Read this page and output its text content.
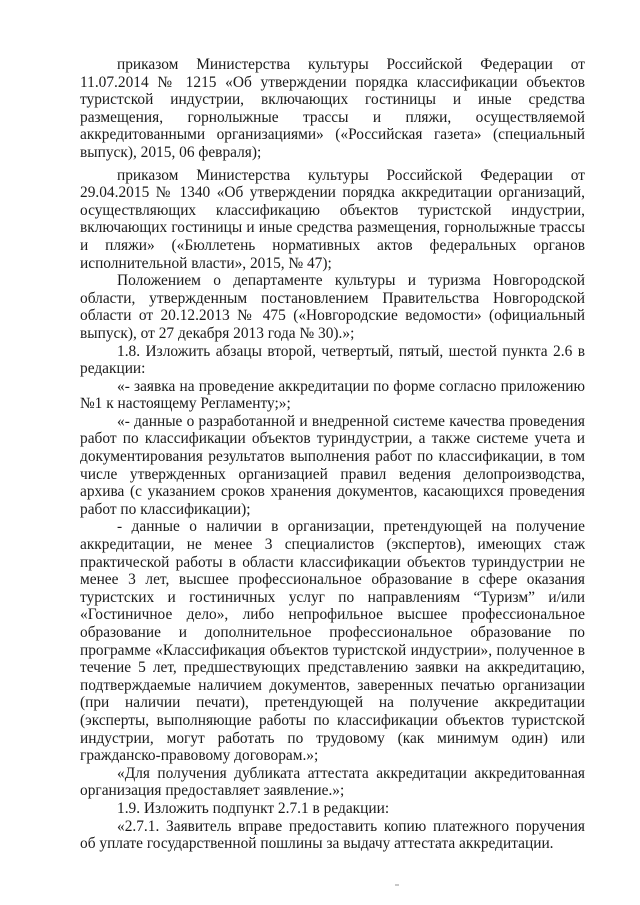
приказом Министерства культуры Российской Федерации от 11.07.2014 № 1215 «Об утверждении порядка классификации объектов туристской индустрии, включающих гостиницы и иные средства размещения, горнолыжные трассы и пляжи, осуществляемой аккредитованными организациями» («Российская газета» (специальный выпуск), 2015, 06 февраля);

приказом Министерства культуры Российской Федерации от 29.04.2015 № 1340 «Об утверждении порядка аккредитации организаций, осуществляющих классификацию объектов туристской индустрии, включающих гостиницы и иные средства размещения, горнолыжные трассы и пляжи» («Бюллетень нормативных актов федеральных органов исполнительной власти», 2015, № 47);

Положением о департаменте культуры и туризма Новгородской области, утвержденным постановлением Правительства Новгородской области от 20.12.2013 № 475 («Новгородские ведомости» (официальный выпуск), от 27 декабря 2013 года № 30).»;

1.8. Изложить абзацы второй, четвертый, пятый, шестой пункта 2.6 в редакции:

«- заявка на проведение аккредитации по форме согласно приложению №1 к настоящему Регламенту;»;

«- данные о разработанной и внедренной системе качества проведения работ по классификации объектов туриндустрии, а также системе учета и документирования результатов выполнения работ по классификации, в том числе утвержденных организацией правил ведения делопроизводства, архива (с указанием сроков хранения документов, касающихся проведения работ по классификации);

- данные о наличии в организации, претендующей на получение аккредитации, не менее 3 специалистов (экспертов), имеющих стаж практической работы в области классификации объектов туриндустрии не менее 3 лет, высшее профессиональное образование в сфере оказания туристских и гостиничных услуг по направлениям “Туризм” и/или «Гостиничное дело», либо непрофильное высшее профессиональное образование и дополнительное профессиональное образование по программе «Классификация объектов туристской индустрии», полученное в течение 5 лет, предшествующих представлению заявки на аккредитацию, подтверждаемые наличием документов, заверенных печатью организации (при наличии печати), претендующей на получение аккредитации (эксперты, выполняющие работы по классификации объектов туристской индустрии, могут работать по трудовому (как минимум один) или гражданско-правовому договорам.»;

«Для получения дубликата аттестата аккредитации аккредитованная организация предоставляет заявление.»;

1.9. Изложить подпункт 2.7.1 в редакции:

«2.7.1. Заявитель вправе предоставить копию платежного поручения об уплате государственной пошлины за выдачу аттестата аккредитации.
